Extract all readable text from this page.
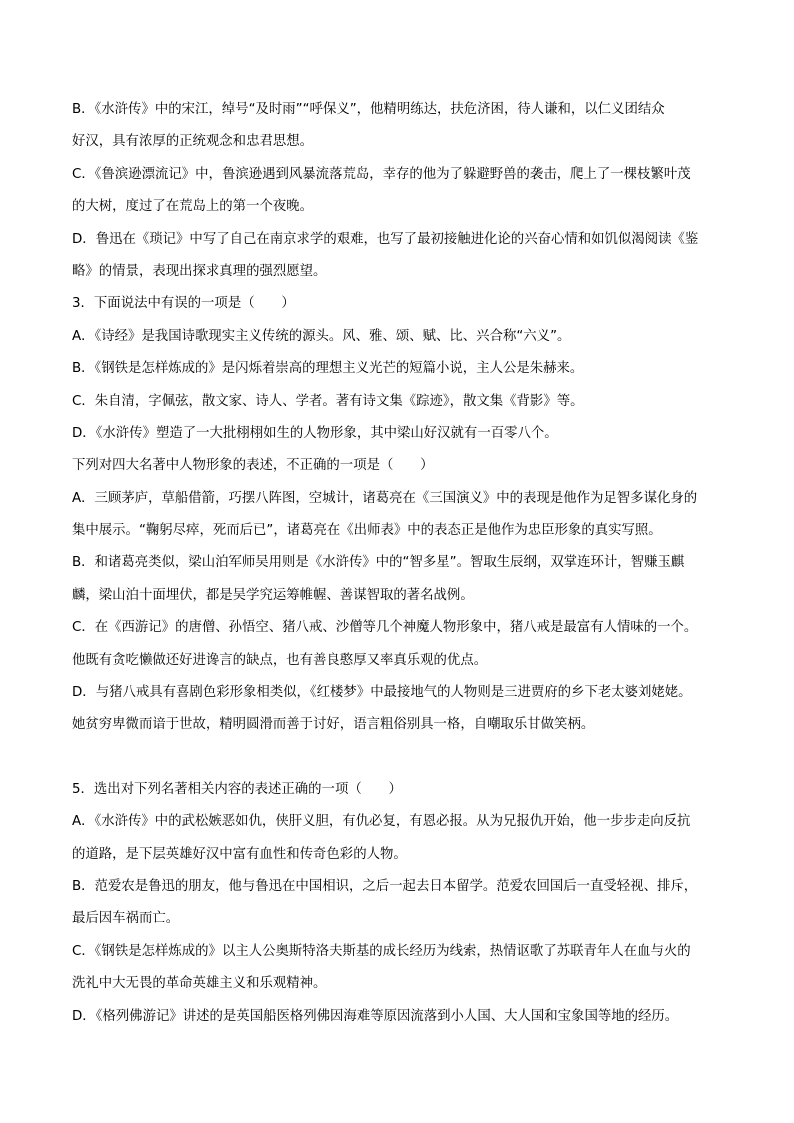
B．《水浒传》中的宋江，绰号“及时雨”“呼保义”，他精明练达，扶危济困，待人谦和，以仁义团结众
好汉，具有浓厚的正统观念和忠君思想。
C．《鲁滨逊漂流记》中，鲁滨逊遇到风暴流落荒岛，幸存的他为了躲避野兽的袭击，爬上了一棵枝繁叶茂
的大树，度过了在荒岛上的第一个夜晚。
D．鲁迅在《琐记》中写了自己在南京求学的艰难，也写了最初接触进化论的兴奋心情和如饥似渴阅读《鉴
略》的情景，表现出探求真理的强烈愿望。
3．下面说法中有误的一项是（　　）
A．《诗经》是我国诗歌现实主义传统的源头。风、雅、颂、赋、比、兴合称“六义”。
B．《钢铁是怎样炼成的》是闪烁着崇高的理想主义光芒的短篇小说，主人公是朱赫来。
C．朱自清，字佩弦，散文家、诗人、学者。著有诗文集《踪迹》，散文集《背影》等。
D．《水浒传》塑造了一大批栩栩如生的人物形象，其中梁山好汉就有一百零八个。
下列对四大名著中人物形象的表述，不正确的一项是（　　）
A．三顾茅庐，草船借箭，巧摆八阵图，空城计，诸葛亮在《三国演义》中的表现是他作为足智多谋化身的
集中展示。“鞠躬尽瘁，死而后已”，诸葛亮在《出师表》中的表态正是他作为忠臣形象的真实写照。
B．和诸葛亮类似，梁山泊军师吴用则是《水浒传》中的“智多星”。智取生辰纲，双掌连环计，智赚玉麒
麟，梁山泊十面埋伏，都是吴学究运筹帷幄、善谋智取的著名战例。
C．在《西游记》的唐僧、孙悟空、猪八戒、沙僧等几个神魔人物形象中，猪八戒是最富有人情味的一个。
他既有贪吃懒做还好进谗言的缺点，也有善良憨厚又率真乐观的优点。
D．与猪八戒具有喜剧色彩形象相类似，《红楼梦》中最接地气的人物则是三进贾府的乡下老太婆刘姥姥。
她贫穷卑微而谙于世故，精明圆滑而善于讨好，语言粗俗别具一格，自嘲取乐甘做笑柄。
5．选出对下列名著相关内容的表述正确的一项（　　）
A．《水浒传》中的武松嫉恶如仇，侠肝义胆，有仇必复，有恩必报。从为兄报仇开始，他一步步走向反抗
的道路，是下层英雄好汉中富有血性和传奇色彩的人物。
B．范爱农是鲁迅的朋友，他与鲁迅在中国相识，之后一起去日本留学。范爱农回国后一直受轻视、排斥，
最后因车祸而亡。
C．《钢铁是怎样炼成的》以主人公奥斯特洛夫斯基的成长经历为线索，热情讴歌了苏联青年人在血与火的
洗礼中大无畏的革命英雄主义和乐观精神。
D．《格列佛游记》讲述的是英国船医格列佛因海难等原因流落到小人国、大人国和宝象国等地的经历。
